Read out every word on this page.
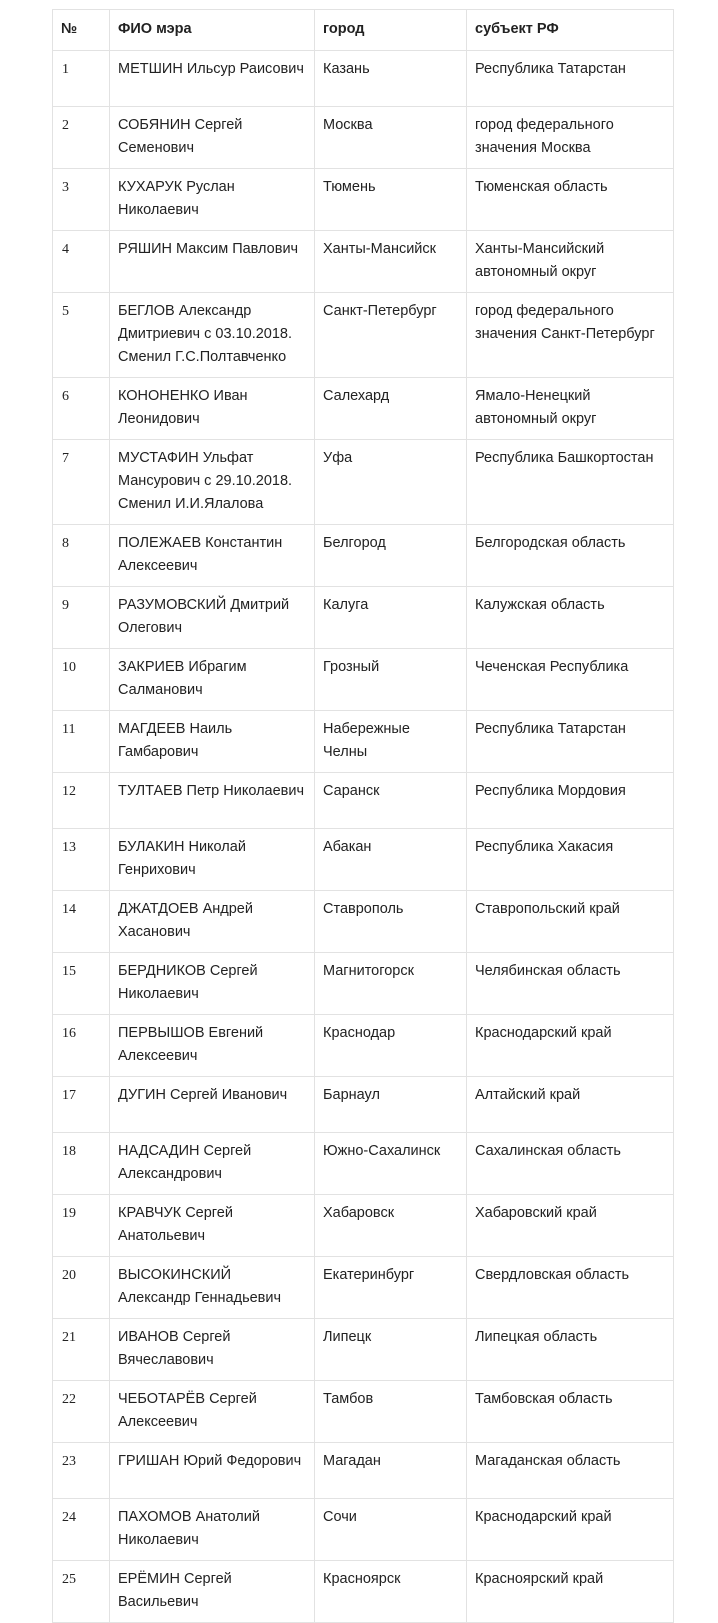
№	ФИО мэра	город	субъект РФ
1	МЕТШИН Ильсур Раисович	Казань	Республика Татарстан
2	СОБЯНИН Сергей Семенович	Москва	город федерального значения Москва
3	КУХАРУК Руслан Николаевич	Тюмень	Тюменская область
4	РЯШИН Максим Павлович	Ханты-Мансийск	Ханты-Мансийский автономный округ
5	БЕГЛОВ Александр Дмитриевич с 03.10.2018. Сменил Г.С.Полтавченко	Санкт-Петербург	город федерального значения Санкт-Петербург
6	КОНОНЕНКО Иван Леонидович	Салехард	Ямало-Ненецкий автономный округ
7	МУСТАФИН Ульфат Мансурович с 29.10.2018. Сменил И.И.Ялалова	Уфа	Республика Башкортостан
8	ПОЛЕЖАЕВ Константин Алексеевич	Белгород	Белгородская область
9	РАЗУМОВСКИЙ Дмитрий Олегович	Калуга	Калужская область
10	ЗАКРИЕВ Ибрагим Салманович	Грозный	Чеченская Республика
11	МАГДЕЕВ Наиль Гамбарович	Набережные Челны	Республика Татарстан
12	ТУЛТАЕВ Петр Николаевич	Саранск	Республика Мордовия
13	БУЛАКИН Николай Генрихович	Абакан	Республика Хакасия
14	ДЖАТДОЕВ Андрей Хасанович	Ставрополь	Ставропольский край
15	БЕРДНИКОВ Сергей Николаевич	Магнитогорск	Челябинская область
16	ПЕРВЫШОВ Евгений Алексеевич	Краснодар	Краснодарский край
17	ДУГИН Сергей Иванович	Барнаул	Алтайский край
18	НАДСАДИН Сергей Александрович	Южно-Сахалинск	Сахалинская область
19	КРАВЧУК Сергей Анатольевич	Хабаровск	Хабаровский край
20	ВЫСОКИНСКИЙ Александр Геннадьевич	Екатеринбург	Свердловская область
21	ИВАНОВ Сергей Вячеславович	Липецк	Липецкая область
22	ЧЕБОТАРЁВ Сергей Алексеевич	Тамбов	Тамбовская область
23	ГРИШАН Юрий Федорович	Магадан	Магаданская область
24	ПАХОМОВ Анатолий Николаевич	Сочи	Краснодарский край
25	ЕРЁМИН Сергей Васильевич	Красноярск	Красноярский край
